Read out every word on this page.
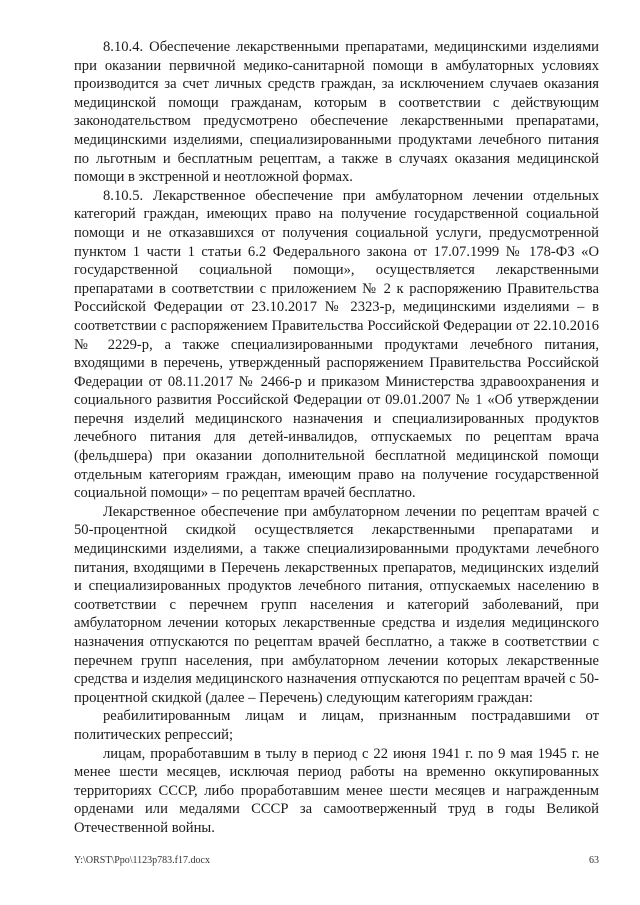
8.10.4. Обеспечение лекарственными препаратами, медицинскими изделиями при оказании первичной медико-санитарной помощи в амбулаторных условиях производится за счет личных средств граждан, за исключением случаев оказания медицинской помощи гражданам, которым в соответствии с действующим законодательством предусмотрено обеспечение лекарственными препаратами, медицинскими изделиями, специализированными продуктами лечебного питания по льготным и бесплатным рецептам, а также в случаях оказания медицинской помощи в экстренной и неотложной формах.

8.10.5. Лекарственное обеспечение при амбулаторном лечении отдельных категорий граждан, имеющих право на получение государственной социальной помощи и не отказавшихся от получения социальной услуги, предусмотренной пунктом 1 части 1 статьи 6.2 Федерального закона от 17.07.1999 № 178-ФЗ «О государственной социальной помощи», осуществляется лекарственными препаратами в соответствии с приложением № 2 к распоряжению Правительства Российской Федерации от 23.10.2017 № 2323-р, медицинскими изделиями – в соответствии с распоряжением Правительства Российской Федерации от 22.10.2016 № 2229-р, а также специализированными продуктами лечебного питания, входящими в перечень, утвержденный распоряжением Правительства Российской Федерации от 08.11.2017 № 2466-р и приказом Министерства здравоохранения и социального развития Российской Федерации от 09.01.2007 № 1 «Об утверждении перечня изделий медицинского назначения и специализированных продуктов лечебного питания для детей-инвалидов, отпускаемых по рецептам врача (фельдшера) при оказании дополнительной бесплатной медицинской помощи отдельным категориям граждан, имеющим право на получение государственной социальной помощи» – по рецептам врачей бесплатно.

Лекарственное обеспечение при амбулаторном лечении по рецептам врачей с 50-процентной скидкой осуществляется лекарственными препаратами и медицинскими изделиями, а также специализированными продуктами лечебного питания, входящими в Перечень лекарственных препаратов, медицинских изделий и специализированных продуктов лечебного питания, отпускаемых населению в соответствии с перечнем групп населения и категорий заболеваний, при амбулаторном лечении которых лекарственные средства и изделия медицинского назначения отпускаются по рецептам врачей бесплатно, а также в соответствии с перечнем групп населения, при амбулаторном лечении которых лекарственные средства и изделия медицинского назначения отпускаются по рецептам врачей с 50-процентной скидкой (далее – Перечень) следующим категориям граждан:

реабилитированным лицам и лицам, признанным пострадавшими от политических репрессий;

лицам, проработавшим в тылу в период с 22 июня 1941 г. по 9 мая 1945 г. не менее шести месяцев, исключая период работы на временно оккупированных территориях СССР, либо проработавшим менее шести месяцев и награжденным орденами или медалями СССР за самоотверженный труд в годы Великой Отечественной войны.

Y:\ORST\Ppo\1123p783.f17.docx	63
